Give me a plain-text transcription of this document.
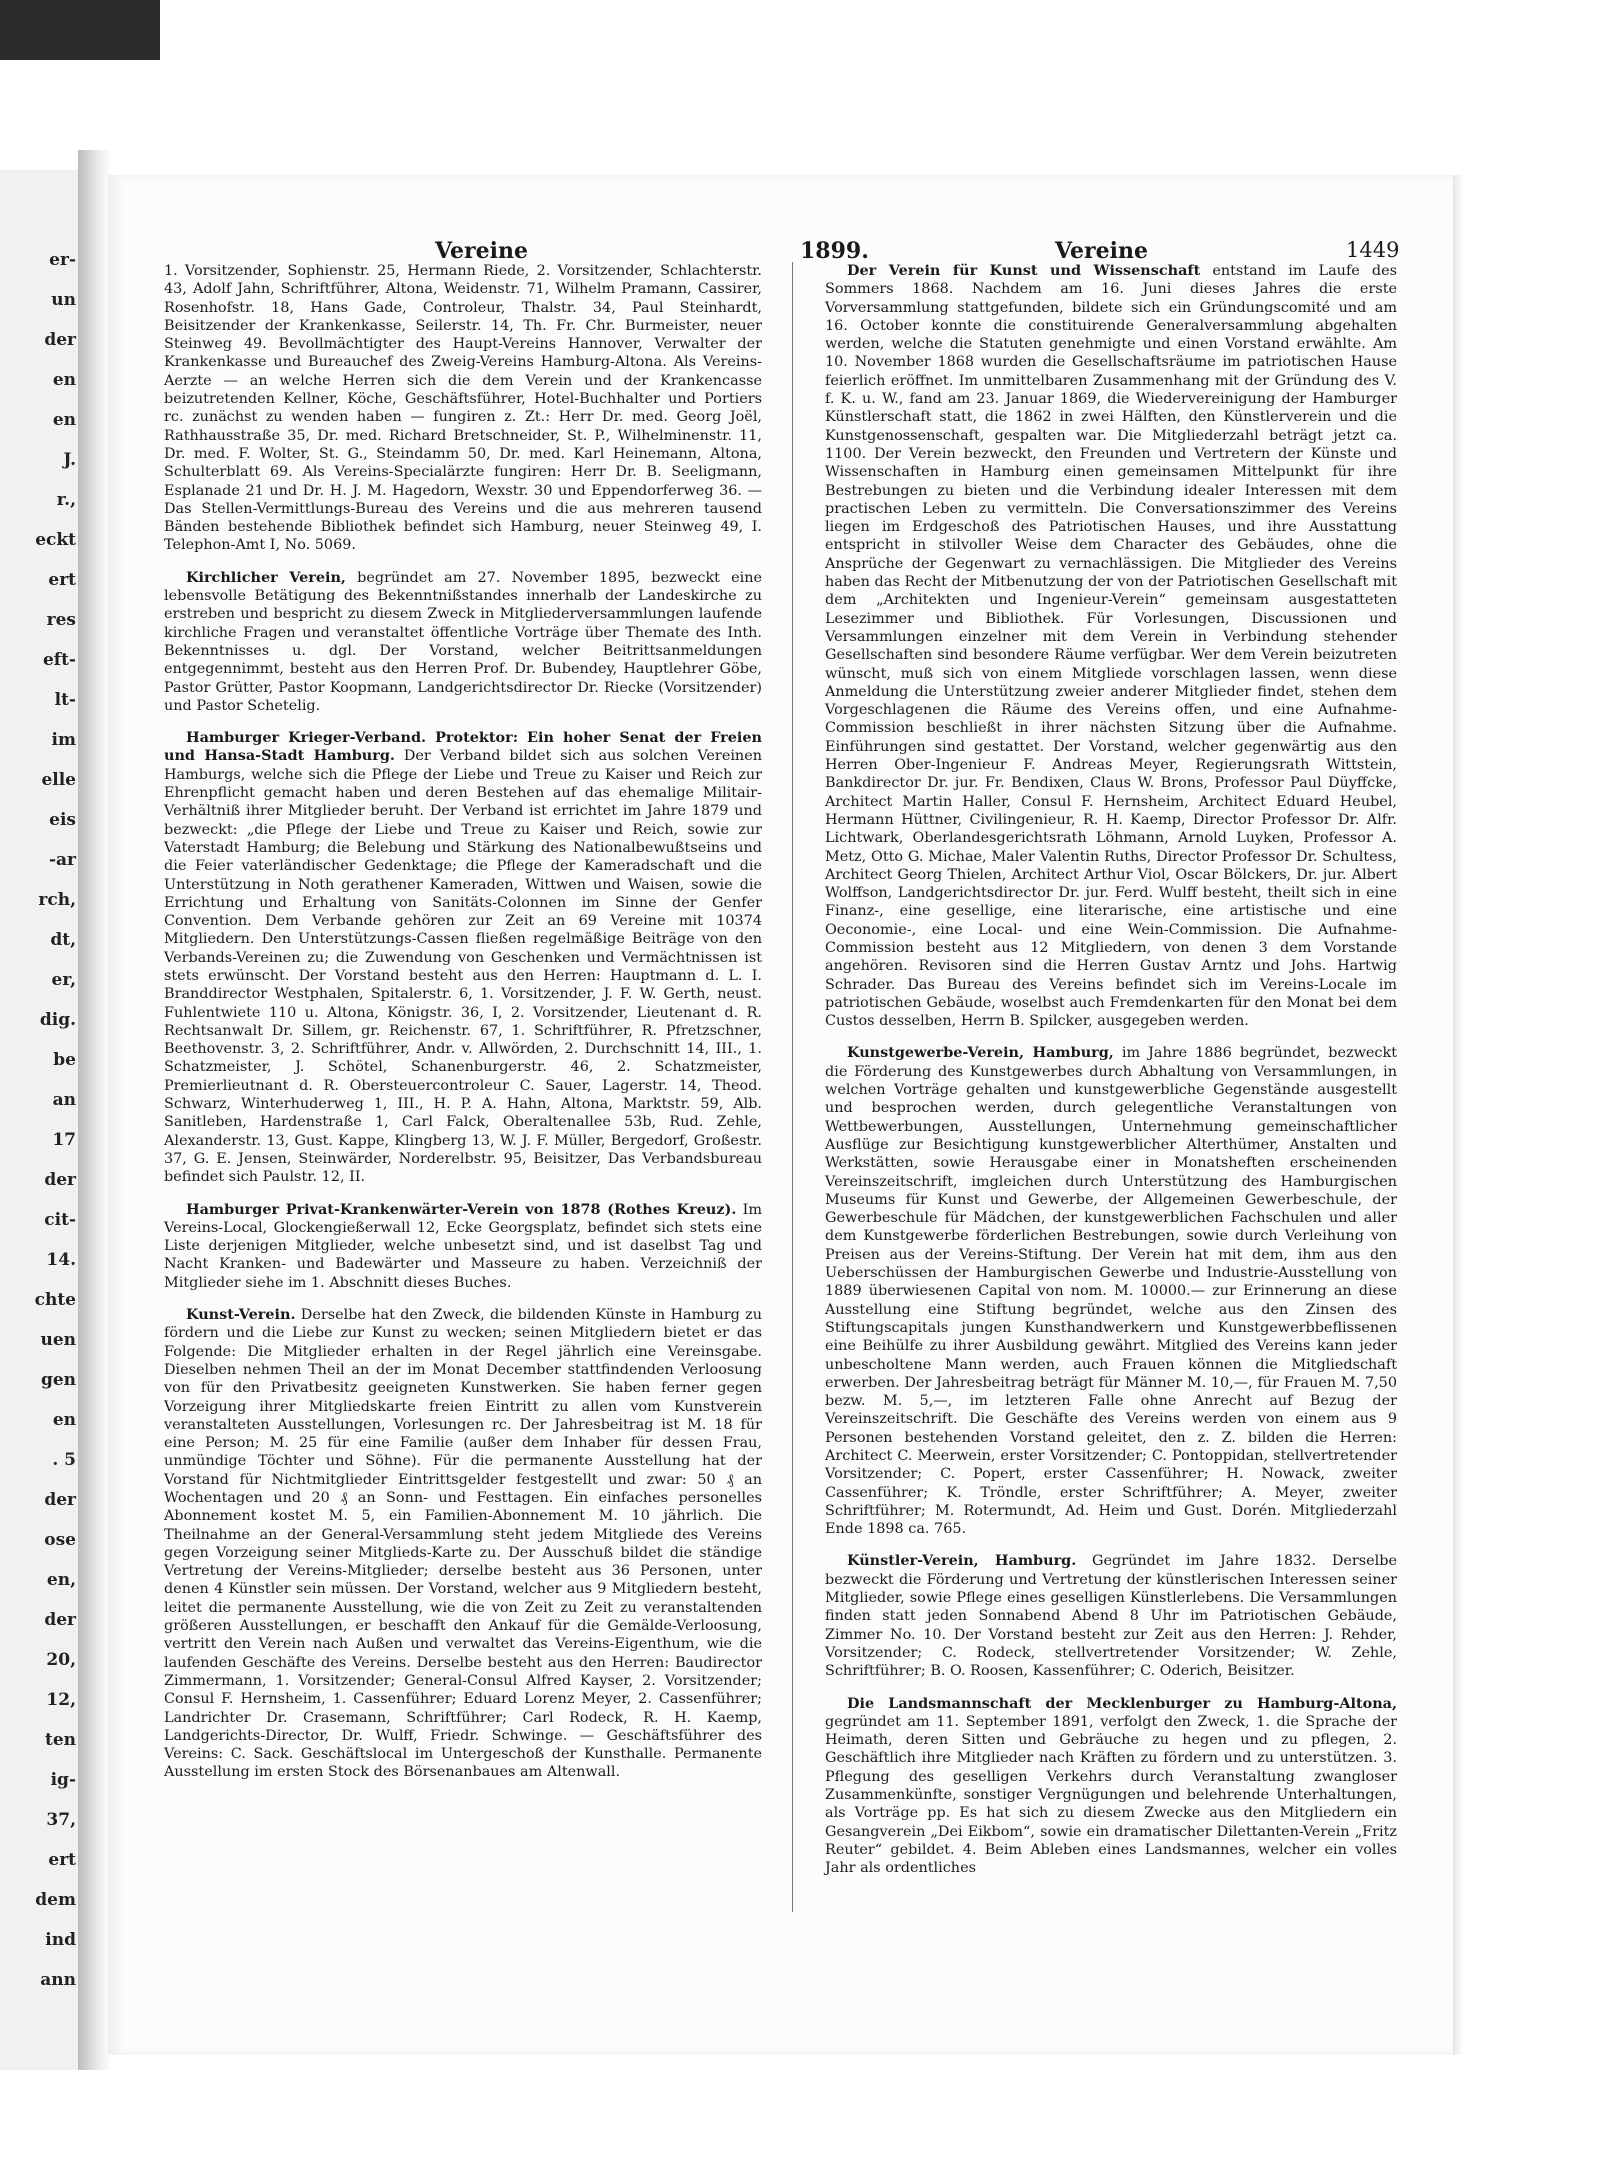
Vereine	1899.	Vereine	1449

1. Vorsitzender, Sophienstr. 25, Hermann Riede, 2. Vorsitzender, Schlachterstr. 43, Adolf Jahn, Schriftführer, Altona, Weidenstr. 71, Wilhelm Pramann, Cassirer, Rosenhofstr. 18, Hans Gade, Controleur, Thalstr. 34, Paul Steinhardt, Beisitzender der Krankenkasse, Seilerstr. 14, Th. Fr. Chr. Burmeister, neuer Steinweg 49. Bevollmächtigter des Haupt-Vereins Hannover, Verwalter der Krankenkasse und Bureauchef des Zweig-Vereins Hamburg-Altona. Als Vereins-Aerzte — an welche Herren sich die dem Verein und der Krankencasse beizutretenden Kellner, Köche, Geschäftsführer, Hotel-Buchhalter und Portiers rc. zunächst zu wenden haben — fungiren z. Zt.: Herr Dr. med. Georg Joël, Rathhausstraße 35, Dr. med. Richard Bretschneider, St. P., Wilhelminenstr. 11, Dr. med. F. Wolter, St. G., Steindamm 50, Dr. med. Karl Heinemann, Altona, Schulterblatt 69. Als Vereins-Specialärzte fungiren: Herr Dr. B. Seeligmann, Esplanade 21 und Dr. H. J. M. Hagedorn, Wexstr. 30 und Eppendorferweg 36. — Das Stellen-Vermittlungs-Bureau des Vereins und die aus mehreren tausend Bänden bestehende Bibliothek befindet sich Hamburg, neuer Steinweg 49, I. Telephon-Amt I, No. 5069.

Kirchlicher Verein, begründet am 27. November 1895, bezweckt eine lebensvolle Betätigung des Bekenntnißstandes innerhalb der Landeskirche zu erstreben und bespricht zu diesem Zweck in Mitgliederversammlungen laufende kirchliche Fragen und veranstaltet öffentliche Vorträge über Themate des Inth. Bekenntnisses u. dgl. Der Vorstand, welcher Beitrittsanmeldungen entgegennimmt, besteht aus den Herren Prof. Dr. Bubendey, Hauptlehrer Göbe, Pastor Grütter, Pastor Koopmann, Landgerichtsdirector Dr. Riecke (Vorsitzender) und Pastor Schetelig.

Hamburger Krieger-Verband. Protektor: Ein hoher Senat der Freien und Hansa-Stadt Hamburg. Der Verband bildet sich aus solchen Vereinen Hamburgs, welche sich die Pflege der Liebe und Treue zu Kaiser und Reich zur Ehrenpflicht gemacht haben und deren Bestehen auf das ehemalige Militair-Verhältniß ihrer Mitglieder beruht. Der Verband ist errichtet im Jahre 1879 und bezweckt: „die Pflege der Liebe und Treue zu Kaiser und Reich, sowie zur Vaterstadt Hamburg; die Belebung und Stärkung des Nationalbewußtseins und die Feier vaterländischer Gedenktage; die Pflege der Kameradschaft und die Unterstützung in Noth gerathener Kameraden, Wittwen und Waisen, sowie die Errichtung und Erhaltung von Sanitäts-Colonnen im Sinne der Genfer Convention. Dem Verbande gehören zur Zeit an 69 Vereine mit 10374 Mitgliedern. Den Unterstützungs-Cassen fließen regelmäßige Beiträge von den Verbands-Vereinen zu; die Zuwendung von Geschenken und Vermächtnissen ist stets erwünscht. Der Vorstand besteht aus den Herren: Hauptmann d. L. I. Branddirector Westphalen, Spitalerstr. 6, 1. Vorsitzender, J. F. W. Gerth, neust. Fuhlentwiete 110 u. Altona, Königstr. 36, I, 2. Vorsitzender, Lieutenant d. R. Rechtsanwalt Dr. Sillem, gr. Reichenstr. 67, 1. Schriftführer, R. Pfretzschner, Beethovenstr. 3, 2. Schriftführer, Andr. v. Allwörden, 2. Durchschnitt 14, III., 1. Schatzmeister, J. Schötel, Schanenburgerstr. 46, 2. Schatzmeister, Premierlieutnant d. R. Obersteuercontroleur C. Sauer, Lagerstr. 14, Theod. Schwarz, Winterhuderweg 1, III., H. P. A. Hahn, Altona, Marktstr. 59, Alb. Sanitleben, Hardenstraße 1, Carl Falck, Oberaltenallee 53b, Rud. Zehle, Alexanderstr. 13, Gust. Kappe, Klingberg 13, W. J. F. Müller, Bergedorf, Großestr. 37, G. E. Jensen, Steinwärder, Norderelbstr. 95, Beisitzer, Das Verbandsbureau befindet sich Paulstr. 12, II.

Hamburger Privat-Krankenwärter-Verein von 1878 (Rothes Kreuz). Im Vereins-Local, Glockengießerwall 12, Ecke Georgsplatz, befindet sich stets eine Liste derjenigen Mitglieder, welche unbesetzt sind, und ist daselbst Tag und Nacht Kranken- und Badewärter und Masseure zu haben. Verzeichniß der Mitglieder siehe im 1. Abschnitt dieses Buches.

Kunst-Verein. Derselbe hat den Zweck, die bildenden Künste in Hamburg zu fördern und die Liebe zur Kunst zu wecken; seinen Mitgliedern bietet er das Folgende: Die Mitglieder erhalten in der Regel jährlich eine Vereinsgabe. Dieselben nehmen Theil an der im Monat December stattfindenden Verloosung von für den Privatbesitz geeigneten Kunstwerken. Sie haben ferner gegen Vorzeigung ihrer Mitgliedskarte freien Eintritt zu allen vom Kunstverein veranstalteten Ausstellungen, Vorlesungen rc. Der Jahresbeitrag ist M. 18 für eine Person; M. 25 für eine Familie (außer dem Inhaber für dessen Frau, unmündige Töchter und Söhne). Für die permanente Ausstellung hat der Vorstand für Nichtmitglieder Eintrittsgelder festgestellt und zwar: 50 ₰ an Wochentagen und 20 ₰ an Sonn- und Festtagen. Ein einfaches personelles Abonnement kostet M. 5, ein Familien-Abonnement M. 10 jährlich. Die Theilnahme an der General-Versammlung steht jedem Mitgliede des Vereins gegen Vorzeigung seiner Mitglieds-Karte zu. Der Ausschuß bildet die ständige Vertretung der Vereins-Mitglieder; derselbe besteht aus 36 Personen, unter denen 4 Künstler sein müssen. Der Vorstand, welcher aus 9 Mitgliedern besteht, leitet die permanente Ausstellung, wie die von Zeit zu Zeit zu veranstaltenden größeren Ausstellungen, er beschafft den Ankauf für die Gemälde-Verloosung, vertritt den Verein nach Außen und verwaltet das Vereins-Eigenthum, wie die laufenden Geschäfte des Vereins. Derselbe besteht aus den Herren: Baudirector Zimmermann, 1. Vorsitzender; General-Consul Alfred Kayser, 2. Vorsitzender; Consul F. Hernsheim, 1. Cassenführer; Eduard Lorenz Meyer, 2. Cassenführer; Landrichter Dr. Crasemann, Schriftführer; Carl Rodeck, R. H. Kaemp, Landgerichts-Director, Dr. Wulff, Friedr. Schwinge. — Geschäftsführer des Vereins: C. Sack. Geschäftslocal im Untergeschoß der Kunsthalle. Permanente Ausstellung im ersten Stock des Börsenanbaues am Altenwall.

Der Verein für Kunst und Wissenschaft entstand im Laufe des Sommers 1868. Nachdem am 16. Juni dieses Jahres die erste Vorversammlung stattgefunden, bildete sich ein Gründungscomité und am 16. October konnte die constituirende Generalversammlung abgehalten werden, welche die Statuten genehmigte und einen Vorstand erwählte. Am 10. November 1868 wurden die Gesellschaftsräume im patriotischen Hause feierlich eröffnet. Im unmittelbaren Zusammenhang mit der Gründung des V. f. K. u. W., fand am 23. Januar 1869, die Wiedervereinigung der Hamburger Künstlerschaft statt, die 1862 in zwei Hälften, den Künstlerverein und die Kunstgenossenschaft, gespalten war. Die Mitgliederzahl beträgt jetzt ca. 1100. Der Verein bezweckt, den Freunden und Vertretern der Künste und Wissenschaften in Hamburg einen gemeinsamen Mittelpunkt für ihre Bestrebungen zu bieten und die Verbindung idealer Interessen mit dem practischen Leben zu vermitteln. Die Conversationszimmer des Vereins liegen im Erdgeschoß des Patriotischen Hauses, und ihre Ausstattung entspricht in stilvoller Weise dem Character des Gebäudes, ohne die Ansprüche der Gegenwart zu vernachlässigen. Die Mitglieder des Vereins haben das Recht der Mitbenutzung der von der Patriotischen Gesellschaft mit dem „Architekten und Ingenieur-Verein“ gemeinsam ausgestatteten Lesezimmer und Bibliothek. Für Vorlesungen, Discussionen und Versammlungen einzelner mit dem Verein in Verbindung stehender Gesellschaften sind besondere Räume verfügbar. Wer dem Verein beizutreten wünscht, muß sich von einem Mitgliede vorschlagen lassen, wenn diese Anmeldung die Unterstützung zweier anderer Mitglieder findet, stehen dem Vorgeschlagenen die Räume des Vereins offen, und eine Aufnahme-Commission beschließt in ihrer nächsten Sitzung über die Aufnahme. Einführungen sind gestattet. Der Vorstand, welcher gegenwärtig aus den Herren Ober-Ingenieur F. Andreas Meyer, Regierungsrath Wittstein, Bankdirector Dr. jur. Fr. Bendixen, Claus W. Brons, Professor Paul Düyffcke, Architect Martin Haller, Consul F. Hernsheim, Architect Eduard Heubel, Hermann Hüttner, Civilingenieur, R. H. Kaemp, Director Professor Dr. Alfr. Lichtwark, Oberlandesgerichtsrath Löhmann, Arnold Luyken, Professor A. Metz, Otto G. Michae, Maler Valentin Ruths, Director Professor Dr. Schultess, Architect Georg Thielen, Architect Arthur Viol, Oscar Bölckers, Dr. jur. Albert Wolffson, Landgerichtsdirector Dr. jur. Ferd. Wulff besteht, theilt sich in eine Finanz-, eine gesellige, eine literarische, eine artistische und eine Oeconomie-, eine Local- und eine Wein-Commission. Die Aufnahme-Commission besteht aus 12 Mitgliedern, von denen 3 dem Vorstande angehören. Revisoren sind die Herren Gustav Arntz und Johs. Hartwig Schrader. Das Bureau des Vereins befindet sich im Vereins-Locale im patriotischen Gebäude, woselbst auch Fremdenkarten für den Monat bei dem Custos desselben, Herrn B. Spilcker, ausgegeben werden.

Kunstgewerbe-Verein, Hamburg, im Jahre 1886 begründet, bezweckt die Förderung des Kunstgewerbes durch Abhaltung von Versammlungen, in welchen Vorträge gehalten und kunstgewerbliche Gegenstände ausgestellt und besprochen werden, durch gelegentliche Veranstaltungen von Wettbewerbungen, Ausstellungen, Unternehmung gemeinschaftlicher Ausflüge zur Besichtigung kunstgewerblicher Alterthümer, Anstalten und Werkstätten, sowie Herausgabe einer in Monatsheften erscheinenden Vereinszeitschrift, imgleichen durch Unterstützung des Hamburgischen Museums für Kunst und Gewerbe, der Allgemeinen Gewerbeschule, der Gewerbeschule für Mädchen, der kunstgewerblichen Fachschulen und aller dem Kunstgewerbe förderlichen Bestrebungen, sowie durch Verleihung von Preisen aus der Vereins-Stiftung. Der Verein hat mit dem, ihm aus den Ueberschüssen der Hamburgischen Gewerbe und Industrie-Ausstellung von 1889 überwiesenen Capital von nom. M. 10000.— zur Erinnerung an diese Ausstellung eine Stiftung begründet, welche aus den Zinsen des Stiftungscapitals jungen Kunsthandwerkern und Kunstgewerbbeflissenen eine Beihülfe zu ihrer Ausbildung gewährt. Mitglied des Vereins kann jeder unbescholtene Mann werden, auch Frauen können die Mitgliedschaft erwerben. Der Jahresbeitrag beträgt für Männer M. 10,—, für Frauen M. 7,50 bezw. M. 5,—, im letzteren Falle ohne Anrecht auf Bezug der Vereinszeitschrift. Die Geschäfte des Vereins werden von einem aus 9 Personen bestehenden Vorstand geleitet, den z. Z. bilden die Herren: Architect C. Meerwein, erster Vorsitzender; C. Pontoppidan, stellvertretender Vorsitzender; C. Popert, erster Cassenführer; H. Nowack, zweiter Cassenführer; K. Tröndle, erster Schriftführer; A. Meyer, zweiter Schriftführer; M. Rotermundt, Ad. Heim und Gust. Dorén. Mitgliederzahl Ende 1898 ca. 765.

Künstler-Verein, Hamburg. Gegründet im Jahre 1832. Derselbe bezweckt die Förderung und Vertretung der künstlerischen Interessen seiner Mitglieder, sowie Pflege eines geselligen Künstlerlebens. Die Versammlungen finden statt jeden Sonnabend Abend 8 Uhr im Patriotischen Gebäude, Zimmer No. 10. Der Vorstand besteht zur Zeit aus den Herren: J. Rehder, Vorsitzender; C. Rodeck, stellvertretender Vorsitzender; W. Zehle, Schriftführer; B. O. Roosen, Kassenführer; C. Oderich, Beisitzer.

Die Landsmannschaft der Mecklenburger zu Hamburg-Altona, gegründet am 11. September 1891, verfolgt den Zweck, 1. die Sprache der Heimath, deren Sitten und Gebräuche zu hegen und zu pflegen, 2. Geschäftlich ihre Mitglieder nach Kräften zu fördern und zu unterstützen. 3. Pflegung des geselligen Verkehrs durch Veranstaltung zwangloser Zusammenkünfte, sonstiger Vergnügungen und belehrende Unterhaltungen, als Vorträge pp. Es hat sich zu diesem Zwecke aus den Mitgliedern ein Gesangverein „Dei Eikbom“, sowie ein dramatischer Dilettanten-Verein „Fritz Reuter“ gebildet. 4. Beim Ableben eines Landsmannes, welcher ein volles Jahr als ordentliches

er-
un
der
en
en
J.
r.,
eckt
ert
res
eft-
lt-
im
elle
eis
-ar
rch,
dt,
er,
dig.
be
an
17
der
cit-
14.
chte
uen
gen
en
. 5
der
ose
en,
der
20,
12,
ten
ig-
37,
ert
dem
ind
ann
